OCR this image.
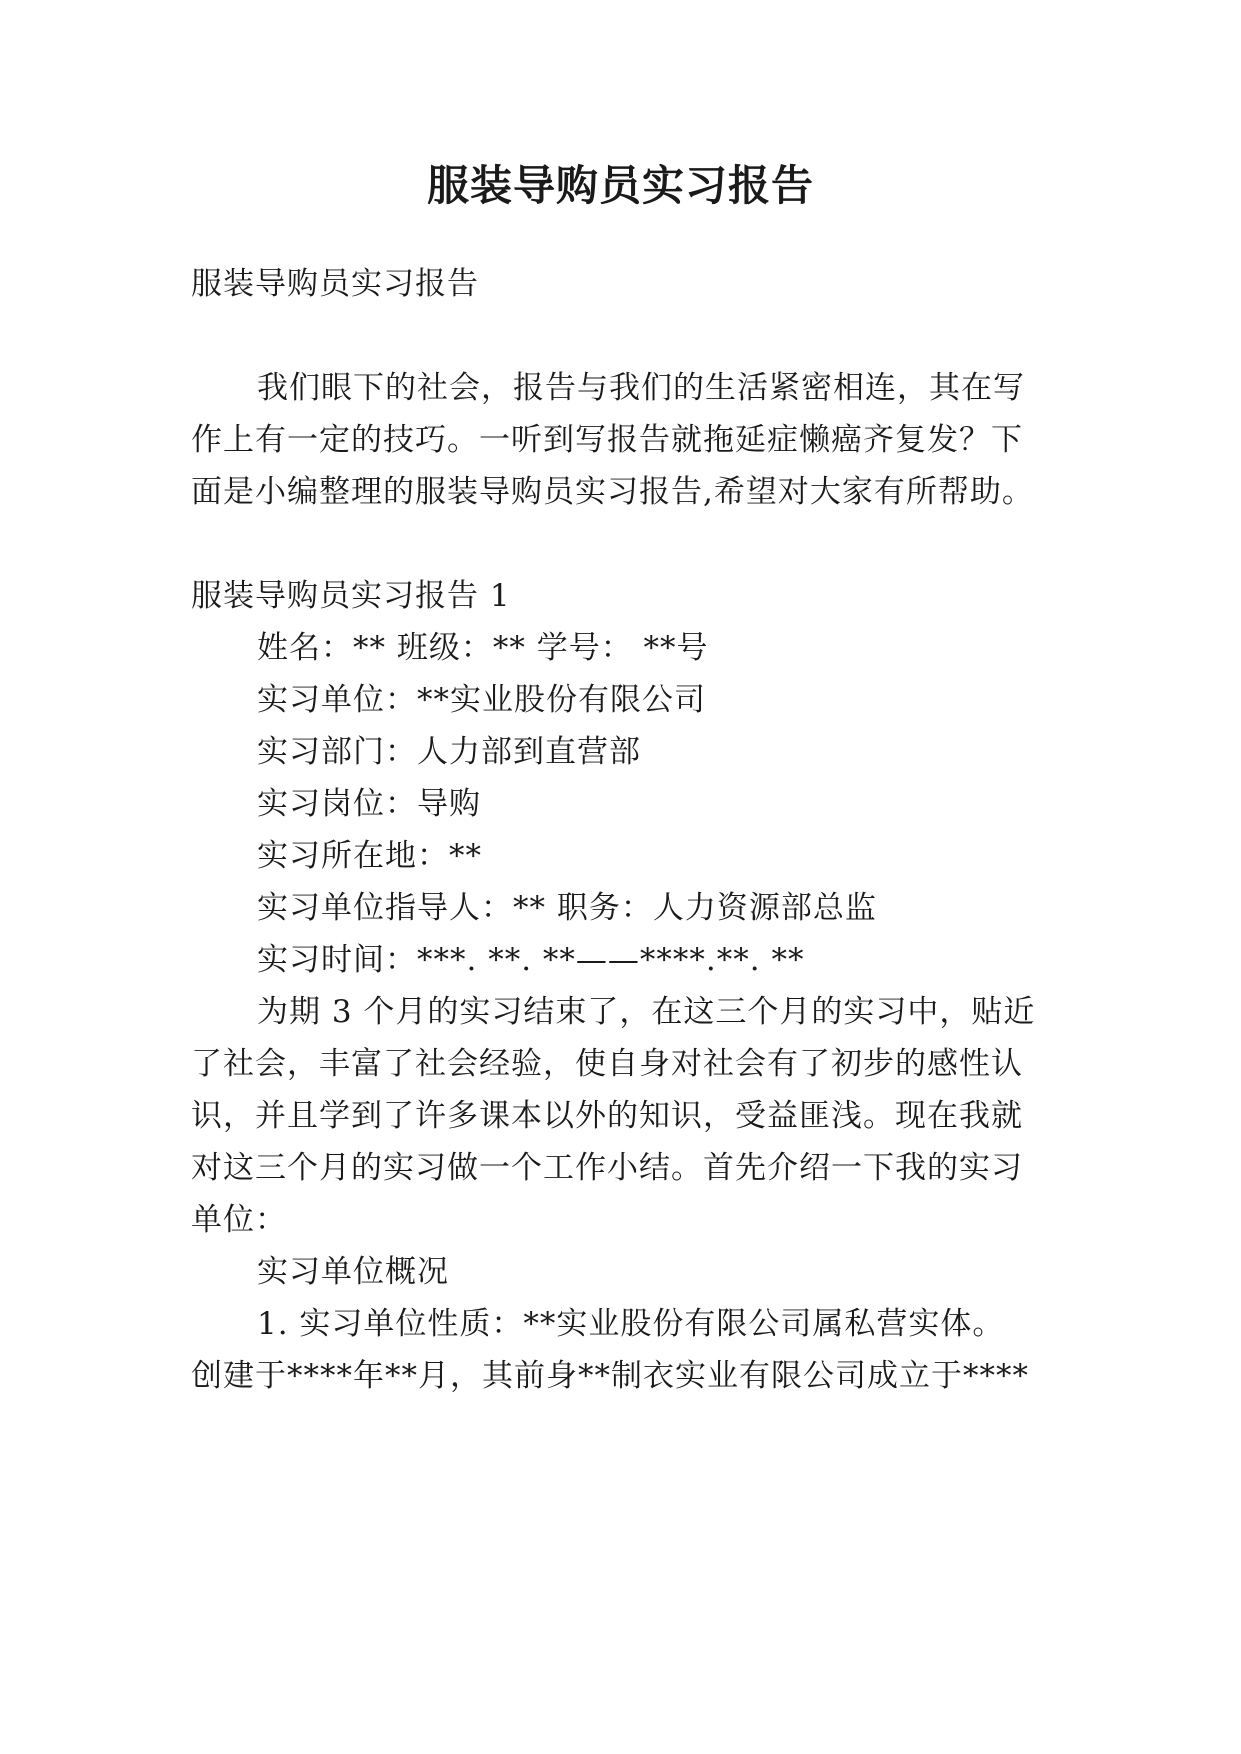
服装导购员实习报告
服装导购员实习报告
我们眼下的社会，报告与我们的生活紧密相连，其在写
作上有一定的技巧。一听到写报告就拖延症懒癌齐复发？下
面是小编整理的服装导购员实习报告,希望对大家有所帮助。
服装导购员实习报告 1
姓名：** 班级：** 学号： **号
实习单位：**实业股份有限公司
实习部门：人力部到直营部
实习岗位：导购
实习所在地：**
实习单位指导人：** 职务：人力资源部总监
实习时间：***. **. **——****.**. **
为期 3 个月的实习结束了，在这三个月的实习中，贴近
了社会，丰富了社会经验，使自身对社会有了初步的感性认
识，并且学到了许多课本以外的知识，受益匪浅。现在我就
对这三个月的实习做一个工作小结。首先介绍一下我的实习
单位：
实习单位概况
1. 实习单位性质：**实业股份有限公司属私营实体。
创建于****年**月，其前身**制衣实业有限公司成立于****
